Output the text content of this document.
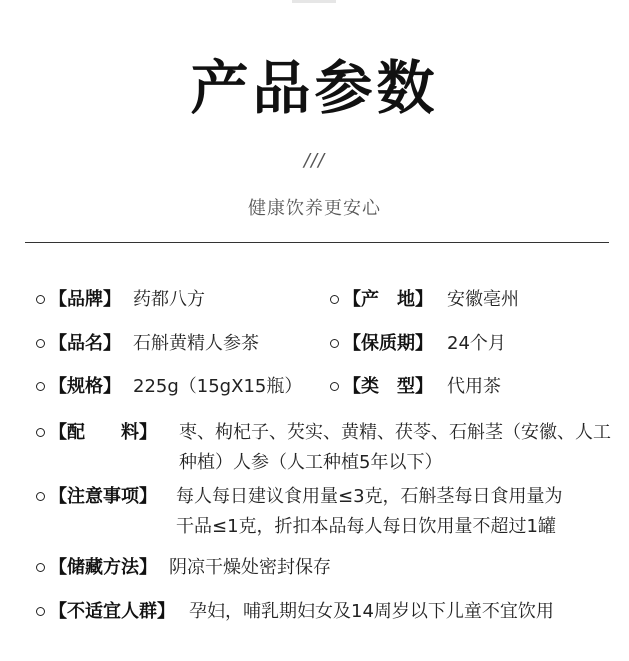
产品参数
///
健康饮养更安心
【品牌】 药都八方	【产　地】 安徽亳州
【品名】 石斛黄精人参茶	【保质期】 24个月
【规格】 225g（15gX15瓶）	【类　型】 代用茶
【配　　料】 枣、枸杞子、芡实、黄精、茯苓、石斛茎（安徽、人工
种植）人参（人工种植5年以下）
【注意事项】 每人每日建议食用量≤3克，石斛茎每日食用量为
干品≤1克，折扣本品每人每日饮用量不超过1罐
【储藏方法】 阴凉干燥处密封保存
【不适宜人群】 孕妇，哺乳期妇女及14周岁以下儿童不宜饮用
